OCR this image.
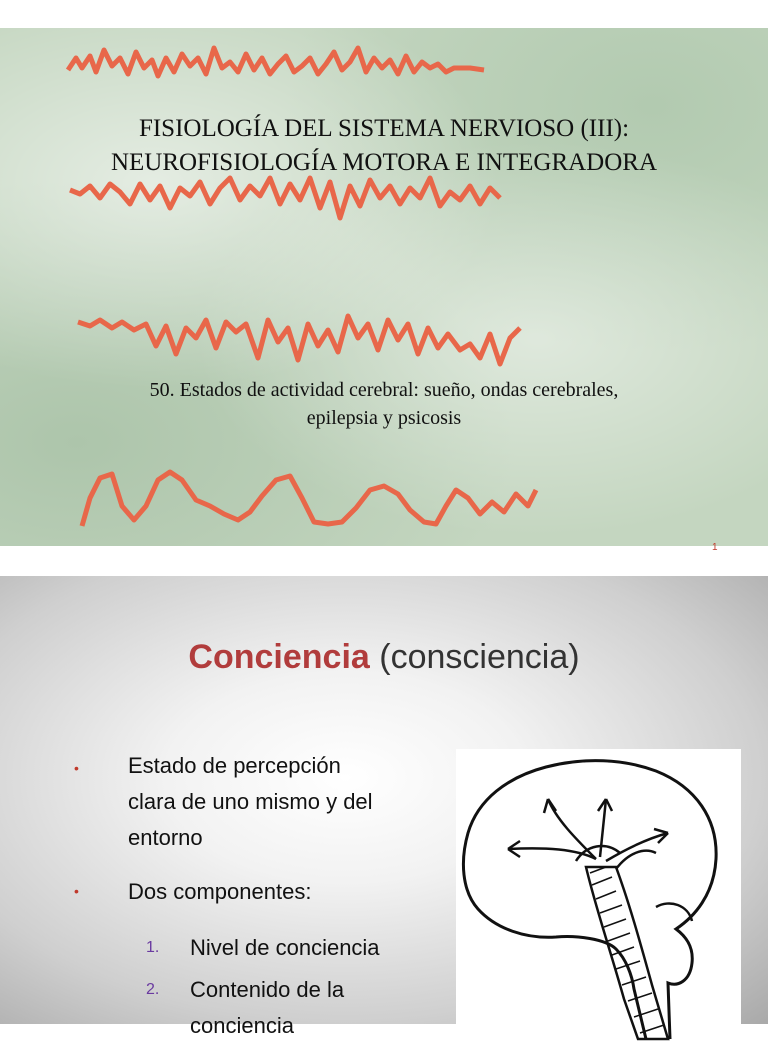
FISIOLOGÍA DEL SISTEMA NERVIOSO (III):
NEUROFISIOLOGÍA MOTORA E INTEGRADORA
50. Estados de actividad cerebral: sueño, ondas cerebrales,
epilepsia y psicosis
1
Conciencia (consciencia)
• Estado de percepción
clara de uno mismo y del
entorno
• Dos componentes:
1. Nivel de conciencia
2. Contenido de la
conciencia
